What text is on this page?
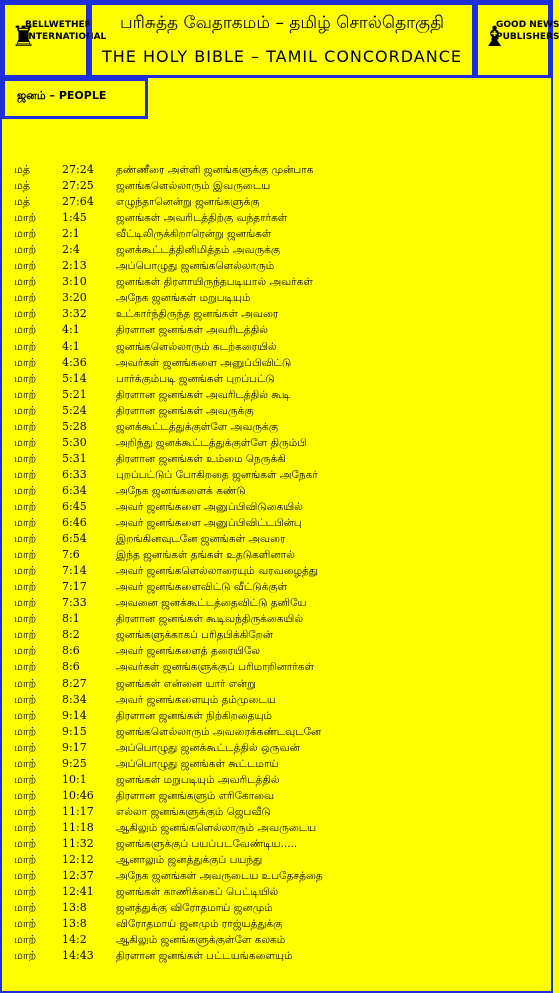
♜
BELLWETHER
INTERNATIONAL
பரிசுத்த வேதாகமம் – தமிழ் சொல்தொகுதி
THE HOLY BIBLE – TAMIL CONCORDANCE
♝
GOOD NEWS
PUBLISHERS
ஜனம் – PEOPLE
மத்	27:24 தண்ணீரை அள்ளி ஜனங்களுக்கு முன்பாக
மத்	27:25 ஜனங்களெல்லாரும் இவருடைய
மத்	27:64 எழுந்தானென்று ஜனங்களுக்கு
மாற் 1:45	ஜனங்கள் அவரிடத்திற்கு வந்தார்கள்
மாற் 2:1	வீட்டிலிருக்கிறாரென்று ஜனங்கள்
மாற் 2:4	ஜனக்கூட்டத்தினிமித்தம் அவருக்கு
மாற் 2:13	அப்பொழுது ஜனங்களெல்லாரும்
மாற் 3:10	ஜனங்கள் திரளாயிருந்தபடியால் அவர்கள்
மாற் 3:20	அநேக ஜனங்கள் மறுபடியும்
மாற் 3:32	உட்கார்ந்திருந்த ஜனங்கள் அவரை
மாற் 4:1	திரளான ஜனங்கள் அவரிடத்தில்
மாற் 4:1	ஜனங்களெல்லாரும் கடற்கரையில்
மாற் 4:36	அவர்கள் ஜனங்களை அனுப்பிவிட்டு
மாற் 5:14	பார்க்கும்படி ஜனங்கள் புறப்பட்டு
மாற் 5:21	திரளான ஜனங்கள் அவரிடத்தில் கூடி
மாற் 5:24	திரளான ஜனங்கள் அவருக்கு
மாற் 5:28	ஜனக்கூட்டத்துக்குள்ளே அவருக்கு
மாற் 5:30	அறிந்து ஜனக்கூட்டத்துக்குள்ளே திரும்பி
மாற் 5:31	திரளான ஜனங்கள் உம்மை நெருக்கி
மாற் 6:33	புறப்பட்டுப் போகிறதை ஜனங்கள் அநேகர்
மாற் 6:34	அநேக ஜனங்களைக் கண்டு
மாற் 6:45	அவர் ஜனங்களை அனுப்பிவிடுகையில்
மாற் 6:46	அவர் ஜனங்களை அனுப்பிவிட்டபின்பு
மாற் 6:54	இறங்கினவுடனே ஜனங்கள் அவரை
மாற் 7:6	இந்த ஜனங்கள் தங்கள் உதடுகளினால்
மாற் 7:14	அவர் ஜனங்களெல்லாரையும் வரவழைத்து
மாற் 7:17	அவர் ஜனங்களைவிட்டு வீட்டுக்குள்
மாற் 7:33	அவனை ஜனக்கூட்டத்தைவிட்டு தனியே
மாற் 8:1	திரளான ஜனங்கள் கூடிவந்திருக்கையில்
மாற் 8:2	ஜனங்களுக்காகப் பரிதபிக்கிறேன்
மாற் 8:6	அவர் ஜனங்களைத் தரையிலே
மாற் 8:6	அவர்கள் ஜனங்களுக்குப் பரிமாறினார்கள்
மாற் 8:27	ஜனங்கள் என்னை யார் என்று
மாற் 8:34	அவர் ஜனங்களையும் தம்முடைய
மாற் 9:14	திரளான ஜனங்கள் நிற்கிறதையும்
மாற் 9:15	ஜனங்களெல்லாரும் அவரைக்கண்டவுடனே
மாற் 9:17	அப்பொழுது ஜனக்கூட்டத்தில் ஒருவன்
மாற் 9:25	அப்பொழுது ஜனங்கள் கூட்டமாய்
மாற் 10:1	ஜனங்கள் மறுபடியும் அவரிடத்தில்
மாற் 10:46 திரளான ஜனங்களும் எரிகோவை
மாற் 11:17 எல்லா ஜனங்களுக்கும் ஜெபவீடு
மாற் 11:18 ஆகிலும் ஜனங்களெல்லாரும் அவருடைய
மாற் 11:32 ஜனங்களுக்குப் பயப்படவேண்டிய.....
மாற் 12:12 ஆனாலும் ஜனத்துக்குப் பயந்து
மாற் 12:37 அநேக ஜனங்கள் அவருடைய உபதேசத்தை
மாற் 12:41 ஜனங்கள் காணிக்கைப் பெட்டியில்
மாற் 13:8	ஜனத்துக்கு விரோதமாய் ஜனமும்
மாற் 13:8	விரோதமாய் ஜனமும் ராஜ்யத்துக்கு
மாற் 14:2	ஆகிலும் ஜனங்களுக்குள்ளே கலகம்
மாற் 14:43 திரளான ஜனங்கள் பட்டயங்களையும்
